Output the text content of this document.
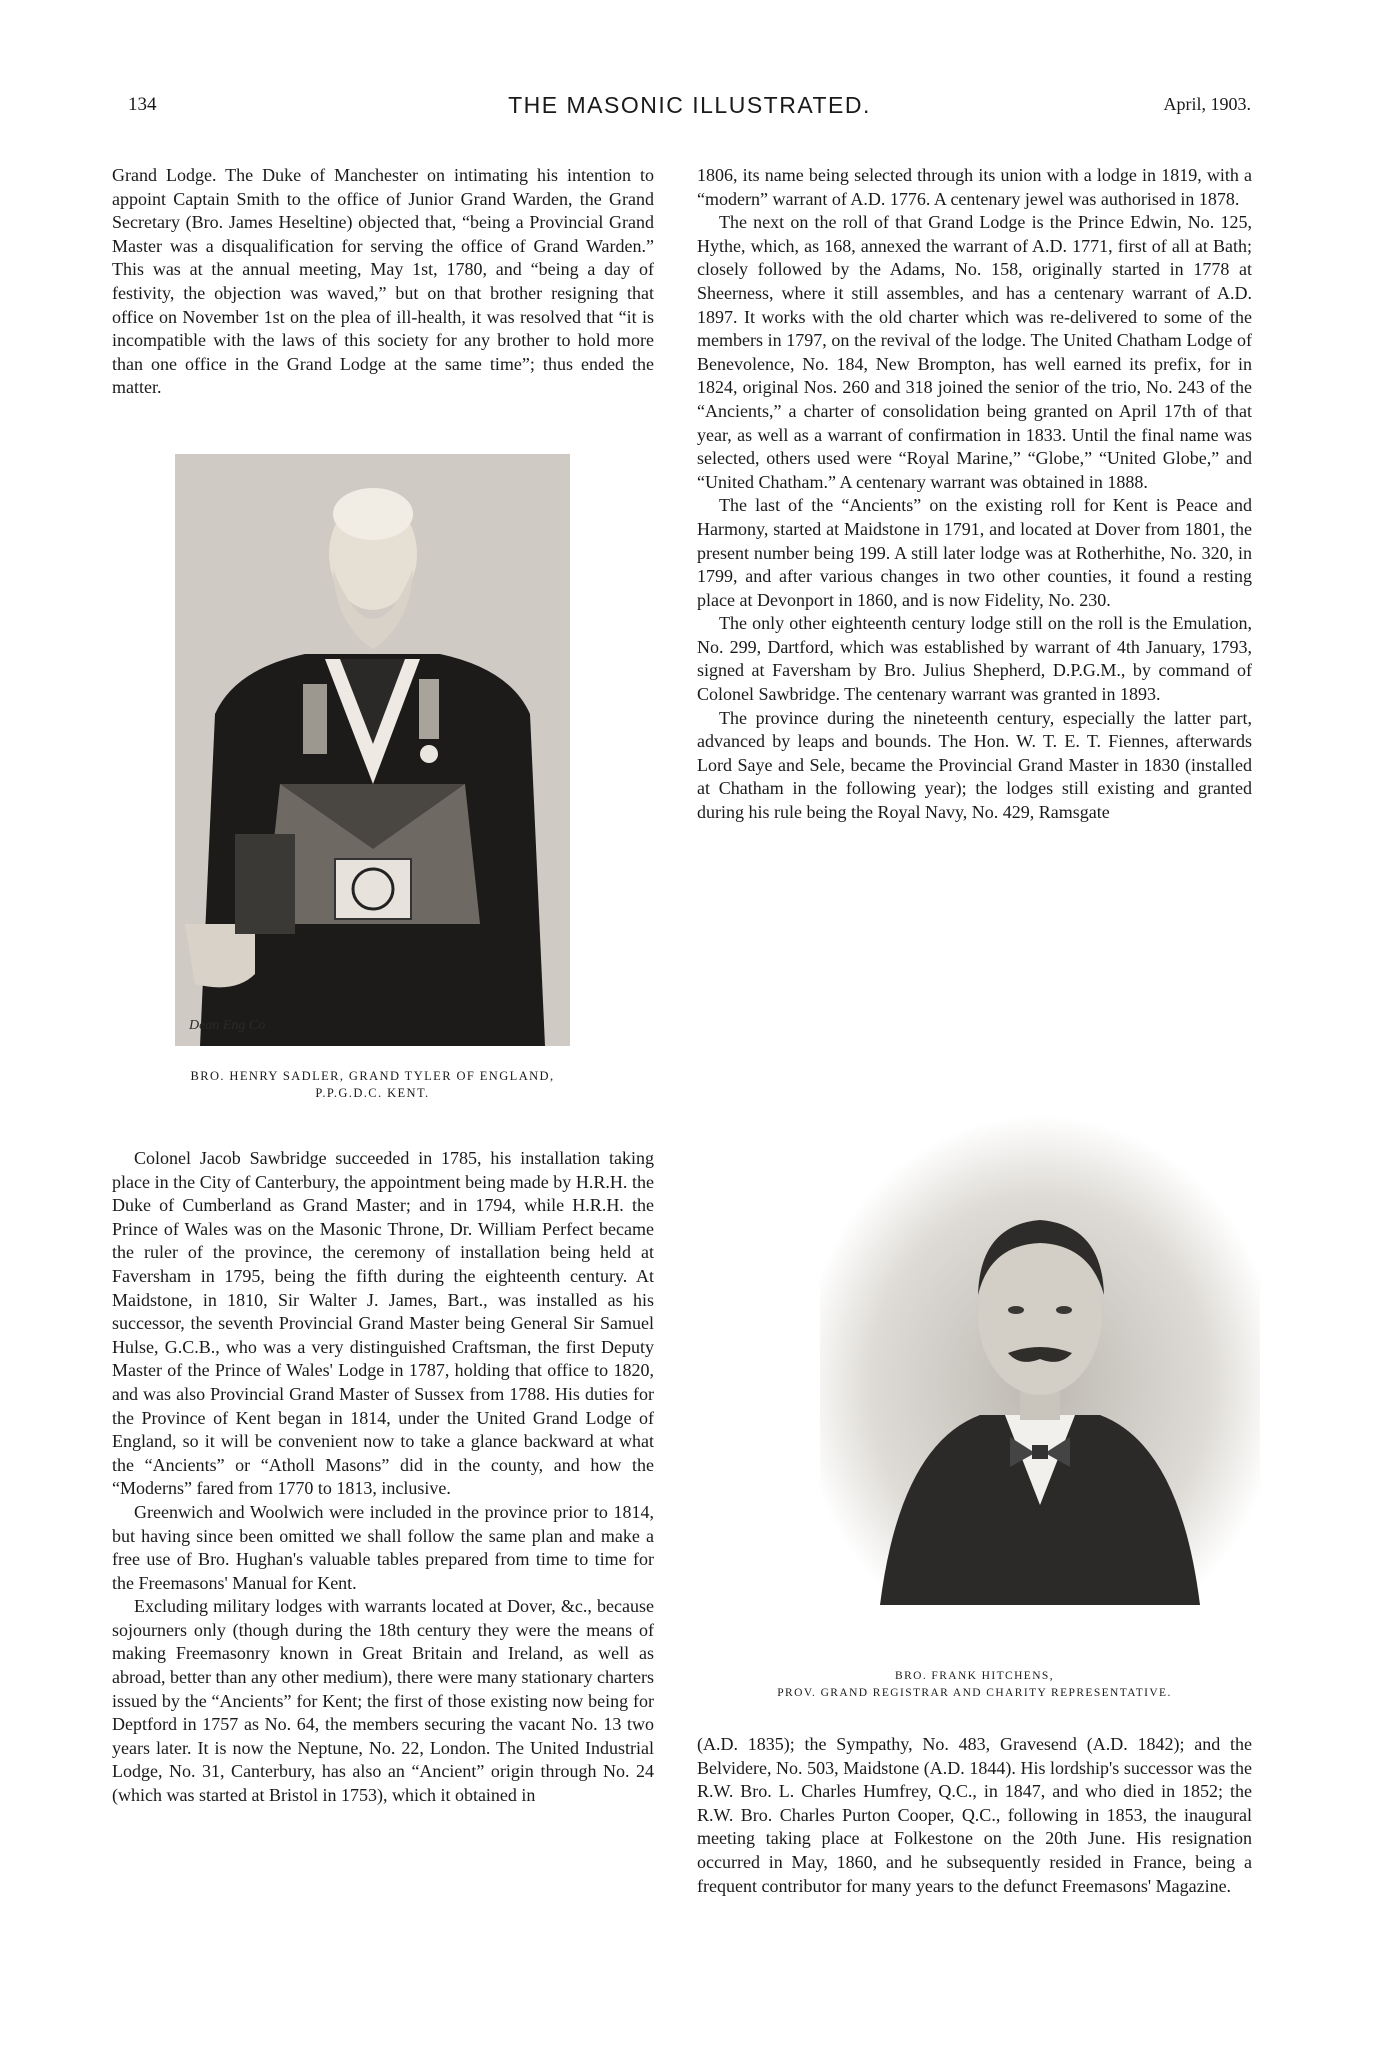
THE MASONIC ILLUSTRATED.
134	April, 1903.

Grand Lodge. The Duke of Manchester on intimating his intention to appoint Captain Smith to the office of Junior Grand Warden, the Grand Secretary (Bro. James Heseltine) objected that, “being a Provincial Grand Master was a disqualification for serving the office of Grand Warden.” This was at the annual meeting, May 1st, 1780, and “being a day of festivity, the objection was waved,” but on that brother resigning that office on November 1st on the plea of ill-health, it was resolved that “it is incompatible with the laws of this society for any brother to hold more than one office in the Grand Lodge at the same time”; thus ended the matter.

Dean Eng Co
BRO. HENRY SADLER, GRAND TYLER OF ENGLAND,
P.P.G.D.C. KENT.

Colonel Jacob Sawbridge succeeded in 1785, his installation taking place in the City of Canterbury, the appointment being made by H.R.H. the Duke of Cumberland as Grand Master; and in 1794, while H.R.H. the Prince of Wales was on the Masonic Throne, Dr. William Perfect became the ruler of the province, the ceremony of installation being held at Faversham in 1795, being the fifth during the eighteenth century. At Maidstone, in 1810, Sir Walter J. James, Bart., was installed as his successor, the seventh Provincial Grand Master being General Sir Samuel Hulse, G.C.B., who was a very distinguished Craftsman, the first Deputy Master of the Prince of Wales' Lodge in 1787, holding that office to 1820, and was also Provincial Grand Master of Sussex from 1788. His duties for the Province of Kent began in 1814, under the United Grand Lodge of England, so it will be convenient now to take a glance backward at what the “Ancients” or “Atholl Masons” did in the county, and how the “Moderns” fared from 1770 to 1813, inclusive.

Greenwich and Woolwich were included in the province prior to 1814, but having since been omitted we shall follow the same plan and make a free use of Bro. Hughan's valuable tables prepared from time to time for the Freemasons' Manual for Kent.

Excluding military lodges with warrants located at Dover, &c., because sojourners only (though during the 18th century they were the means of making Freemasonry known in Great Britain and Ireland, as well as abroad, better than any other medium), there were many stationary charters issued by the “Ancients” for Kent; the first of those existing now being for Deptford in 1757 as No. 64, the members securing the vacant No. 13 two years later. It is now the Neptune, No. 22, London. The United Industrial Lodge, No. 31, Canterbury, has also an “Ancient” origin through No. 24 (which was started at Bristol in 1753), which it obtained in

1806, its name being selected through its union with a lodge in 1819, with a “modern” warrant of A.D. 1776. A centenary jewel was authorised in 1878.

The next on the roll of that Grand Lodge is the Prince Edwin, No. 125, Hythe, which, as 168, annexed the warrant of A.D. 1771, first of all at Bath; closely followed by the Adams, No. 158, originally started in 1778 at Sheerness, where it still assembles, and has a centenary warrant of A.D. 1897. It works with the old charter which was re-delivered to some of the members in 1797, on the revival of the lodge. The United Chatham Lodge of Benevolence, No. 184, New Brompton, has well earned its prefix, for in 1824, original Nos. 260 and 318 joined the senior of the trio, No. 243 of the “Ancients,” a charter of consolidation being granted on April 17th of that year, as well as a warrant of confirmation in 1833. Until the final name was selected, others used were “Royal Marine,” “Globe,” “United Globe,” and “United Chatham.” A centenary warrant was obtained in 1888.

The last of the “Ancients” on the existing roll for Kent is Peace and Harmony, started at Maidstone in 1791, and located at Dover from 1801, the present number being 199. A still later lodge was at Rotherhithe, No. 320, in 1799, and after various changes in two other counties, it found a resting place at Devonport in 1860, and is now Fidelity, No. 230.

The only other eighteenth century lodge still on the roll is the Emulation, No. 299, Dartford, which was established by warrant of 4th January, 1793, signed at Faversham by Bro. Julius Shepherd, D.P.G.M., by command of Colonel Sawbridge. The centenary warrant was granted in 1893.

The province during the nineteenth century, especially the latter part, advanced by leaps and bounds. The Hon. W. T. E. T. Fiennes, afterwards Lord Saye and Sele, became the Provincial Grand Master in 1830 (installed at Chatham in the following year); the lodges still existing and granted during his rule being the Royal Navy, No. 429, Ramsgate

BRO. FRANK HITCHENS,
PROV. GRAND REGISTRAR AND CHARITY REPRESENTATIVE.

(A.D. 1835); the Sympathy, No. 483, Gravesend (A.D. 1842); and the Belvidere, No. 503, Maidstone (A.D. 1844). His lordship's successor was the R.W. Bro. L. Charles Humfrey, Q.C., in 1847, and who died in 1852; the R.W. Bro. Charles Purton Cooper, Q.C., following in 1853, the inaugural meeting taking place at Folkestone on the 20th June. His resignation occurred in May, 1860, and he subsequently resided in France, being a frequent contributor for many years to the defunct Freemasons' Magazine.
